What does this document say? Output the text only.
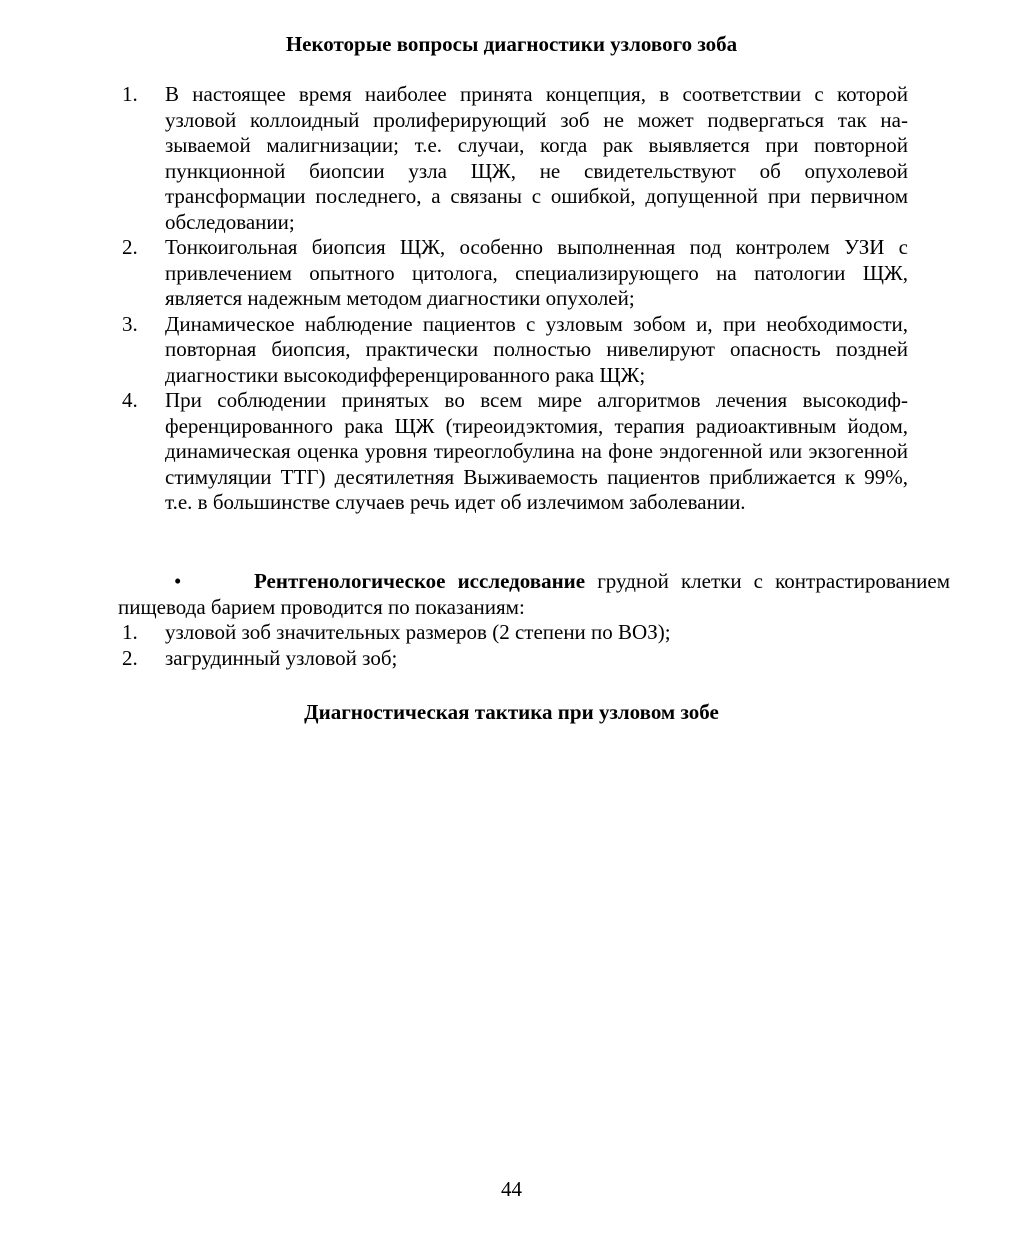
Некоторые вопросы диагностики узлового зоба
1.	В настоящее время наиболее принята концепция, в соответствии с которой узловой коллоидный пролиферирующий зоб не может подвергаться так называемой малигнизации; т.е. случаи, когда рак выявляется при повторной пункционной биопсии узла ЩЖ, не свидетельствуют об опухолевой трансформации последнего, а связаны с ошибкой, допущенной при первичном обследовании;
2.	Тонкоигольная биопсия ЩЖ, особенно выполненная под контролем УЗИ с привлечением опытного цитолога, специализирующего на патологии ЩЖ, является надежным методом диагностики опухолей;
3.	Динамическое наблюдение пациентов с узловым зобом и, при необходимости, повторная биопсия, практически полностью нивелируют опасность поздней диагностики высокодифференцированного рака ЩЖ;
4.	При соблюдении принятых во всем мире алгоритмов лечения высокодифференцированного рака ЩЖ (тиреоидэктомия, терапия радиоактивным йодом, динамическая оценка уровня тиреоглобулина на фоне эндогенной или экзогенной стимуляции ТТГ) десятилетняя Выживаемость пациентов приближается к 99%, т.е. в большинстве случаев речь идет об излечимом заболевании.

•	Рентгенологическое исследование грудной клетки с контрастированием пищевода барием проводится по показаниям:

1.	узловой зоб значительных размеров (2 степени по ВОЗ);
2.	загрудинный узловой зоб;
Диагностическая тактика при узловом зобе
44
